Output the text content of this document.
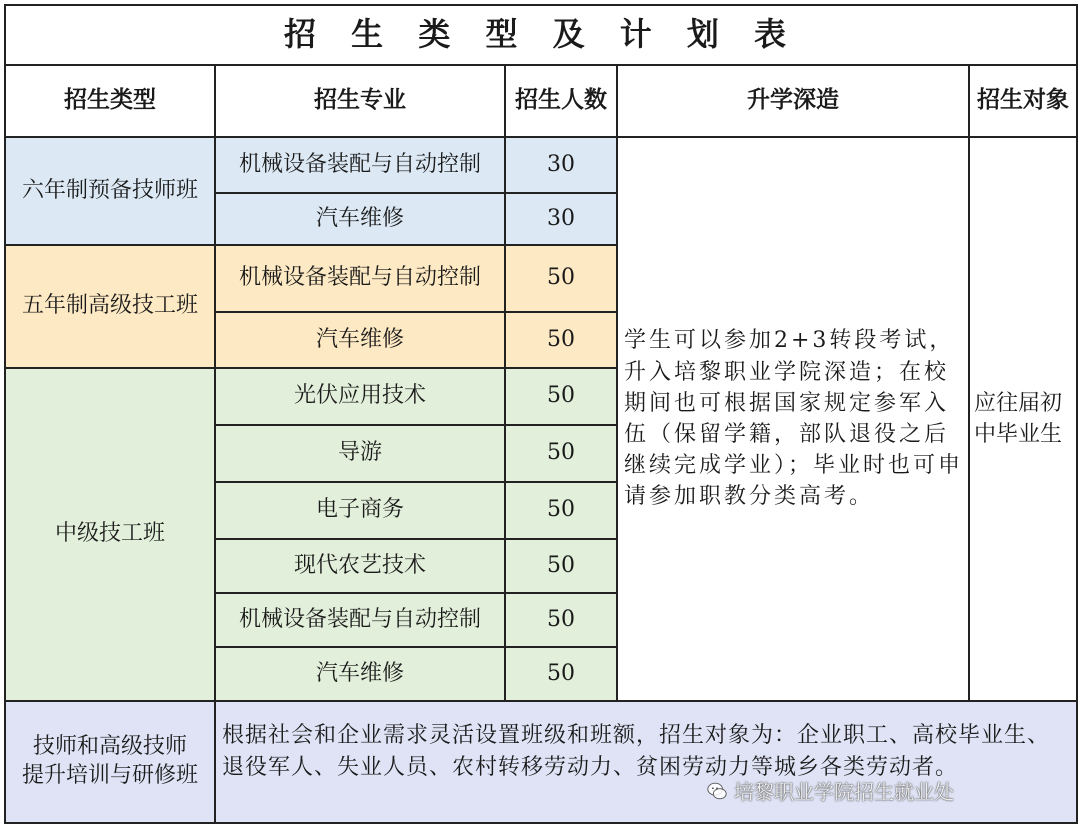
招 生 类 型 及 计 划 表				
招生类型	招生专业	招生人数	升学深造	招生对象
六年制预备技师班	机械设备装配与自动控制	30	学生可以参加2+3转段考试，升入培黎职业学院深造；在校期间也可根据国家规定参军入伍（保留学籍，部队退役之后继续完成学业）；毕业时也可申请参加职教分类高考。	应往届初中毕业生
	汽车维修	30		
五年制高级技工班	机械设备装配与自动控制	50		
	汽车维修	50		
中级技工班	光伏应用技术	50		
	导游	50		
	电子商务	50		
	现代农艺技术	50		
	机械设备装配与自动控制	50		
	汽车维修	50		

技师和高级技师
提升培训与研修班	根据社会和企业需求灵活设置班级和班额，招生对象为：企业职工、高校毕业生、退役军人、失业人员、农村转移劳动力、贫困劳动力等城乡各类劳动者。			
培黎职业学院招生就业处
